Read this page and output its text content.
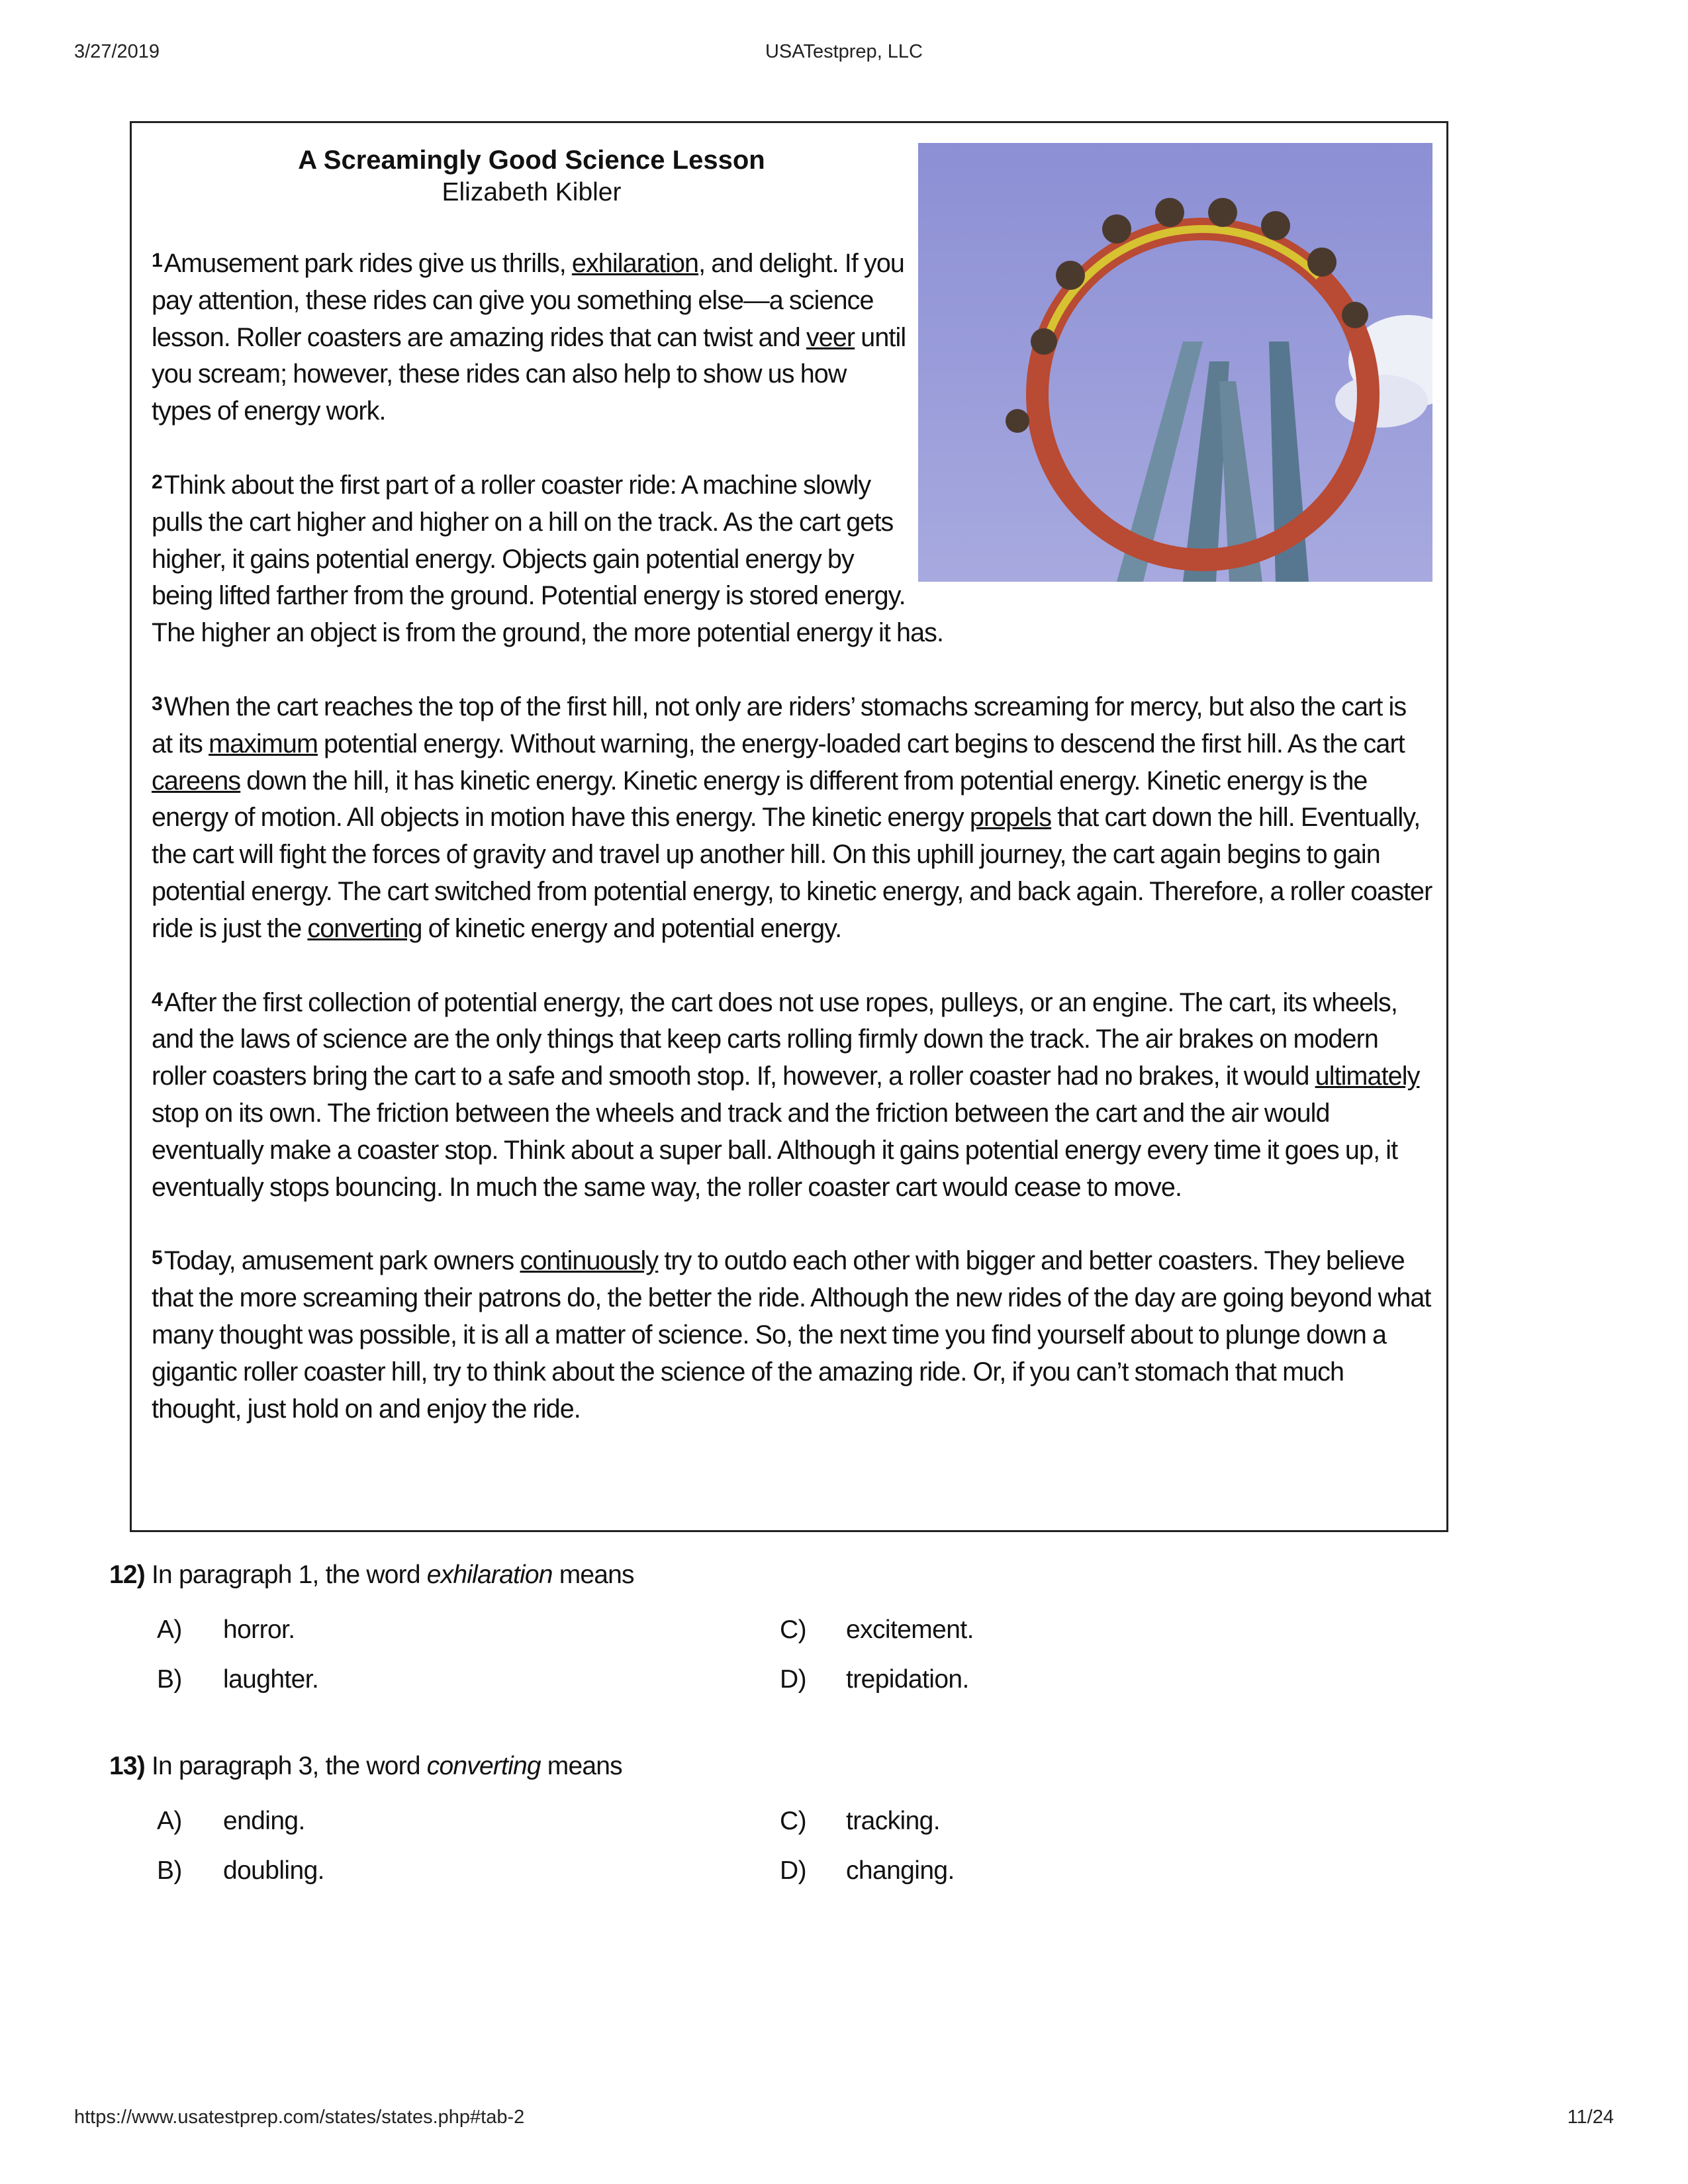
3/27/2019	USATestprep, LLC
A Screamingly Good Science Lesson
Elizabeth Kibler
$^1$Amusement park rides give us thrills, exhilaration, and delight. If you pay attention, these rides can give you something else—a science lesson. Roller coasters are amazing rides that can twist and veer until you scream; however, these rides can also help to show us how types of energy work.
$^2$Think about the first part of a roller coaster ride: A machine slowly pulls the cart higher and higher on a hill on the track. As the cart gets higher, it gains potential energy. Objects gain potential energy by being lifted farther from the ground. Potential energy is stored energy. The higher an object is from the ground, the more potential energy it has.
$^3$When the cart reaches the top of the first hill, not only are riders’ stomachs screaming for mercy, but also the cart is at its maximum potential energy. Without warning, the energy-loaded cart begins to descend the first hill. As the cart careens down the hill, it has kinetic energy. Kinetic energy is different from potential energy. Kinetic energy is the energy of motion. All objects in motion have this energy. The kinetic energy propels that cart down the hill. Eventually, the cart will fight the forces of gravity and travel up another hill. On this uphill journey, the cart again begins to gain potential energy. The cart switched from potential energy, to kinetic energy, and back again. Therefore, a roller coaster ride is just the converting of kinetic energy and potential energy.
$^4$After the first collection of potential energy, the cart does not use ropes, pulleys, or an engine. The cart, its wheels, and the laws of science are the only things that keep carts rolling firmly down the track. The air brakes on modern roller coasters bring the cart to a safe and smooth stop. If, however, a roller coaster had no brakes, it would ultimately stop on its own. The friction between the wheels and track and the friction between the cart and the air would eventually make a coaster stop. Think about a super ball. Although it gains potential energy every time it goes up, it eventually stops bouncing. In much the same way, the roller coaster cart would cease to move.
$^5$Today, amusement park owners continuously try to outdo each other with bigger and better coasters. They believe that the more screaming their patrons do, the better the ride. Although the new rides of the day are going beyond what many thought was possible, it is all a matter of science. So, the next time you find yourself about to plunge down a gigantic roller coaster hill, try to think about the science of the amazing ride. Or, if you can’t stomach that much thought, just hold on and enjoy the ride.
12) In paragraph 1, the word exhilaration means
A) horror.
B) laughter.
C) excitement.
D) trepidation.
13) In paragraph 3, the word converting means
A) ending.
B) doubling.
C) tracking.
D) changing.
https://www.usatestprep.com/states/states.php#tab-2	11/24
